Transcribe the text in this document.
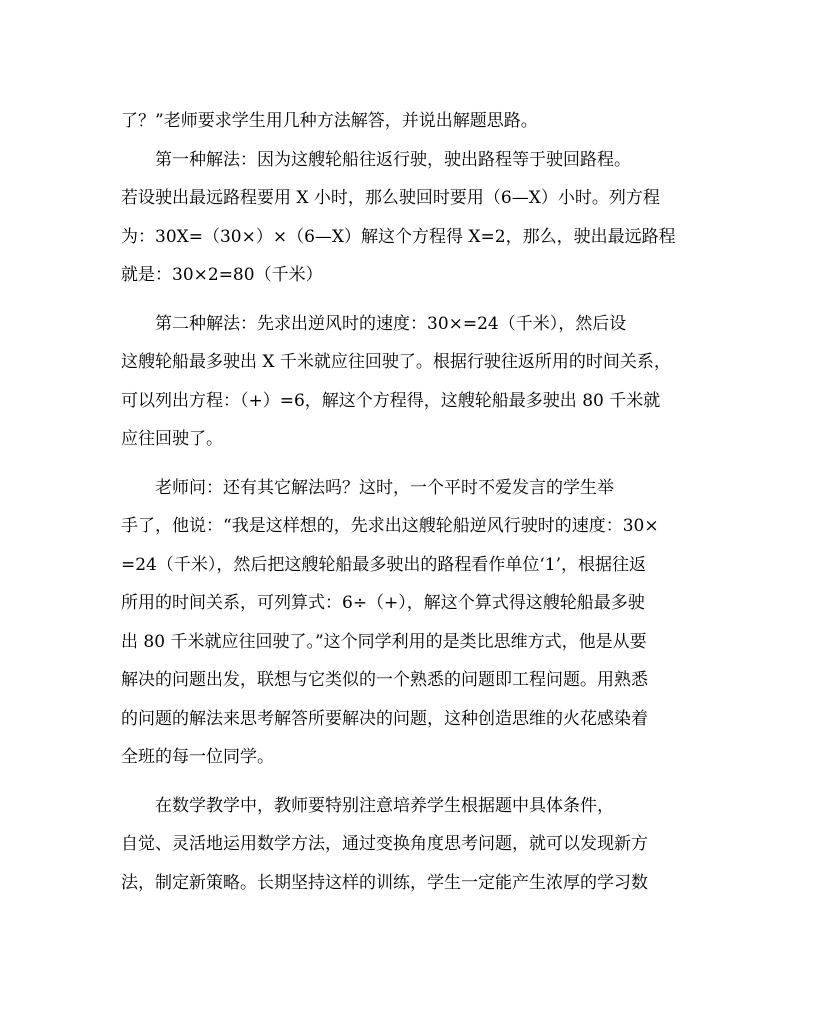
了？”老师要求学生用几种方法解答，并说出解题思路。
　　第一种解法：因为这艘轮船往返行驶，驶出路程等于驶回路程。
若设驶出最远路程要用 X 小时，那么驶回时要用（6—X）小时。列方程
为：30X=（30×）×（6—X）解这个方程得 X=2，那么，驶出最远路程
就是：30×2=80（千米）
　　第二种解法：先求出逆风时的速度：30×=24（千米），然后设
这艘轮船最多驶出 X 千米就应往回驶了。根据行驶往返所用的时间关系，
可以列出方程：（+）=6，解这个方程得，这艘轮船最多驶出 80 千米就
应往回驶了。
　　老师问：还有其它解法吗？这时，一个平时不爱发言的学生举
手了，他说：“我是这样想的，先求出这艘轮船逆风行驶时的速度：30×
=24（千米），然后把这艘轮船最多驶出的路程看作单位‘1’，根据往返
所用的时间关系，可列算式：6÷（+），解这个算式得这艘轮船最多驶
出 80 千米就应往回驶了。”这个同学利用的是类比思维方式，他是从要
解决的问题出发，联想与它类似的一个熟悉的问题即工程问题。用熟悉
的问题的解法来思考解答所要解决的问题，这种创造思维的火花感染着
全班的每一位同学。
　　在数学教学中，教师要特别注意培养学生根据题中具体条件，
自觉、灵活地运用数学方法，通过变换角度思考问题，就可以发现新方
法，制定新策略。长期坚持这样的训练，学生一定能产生浓厚的学习数
